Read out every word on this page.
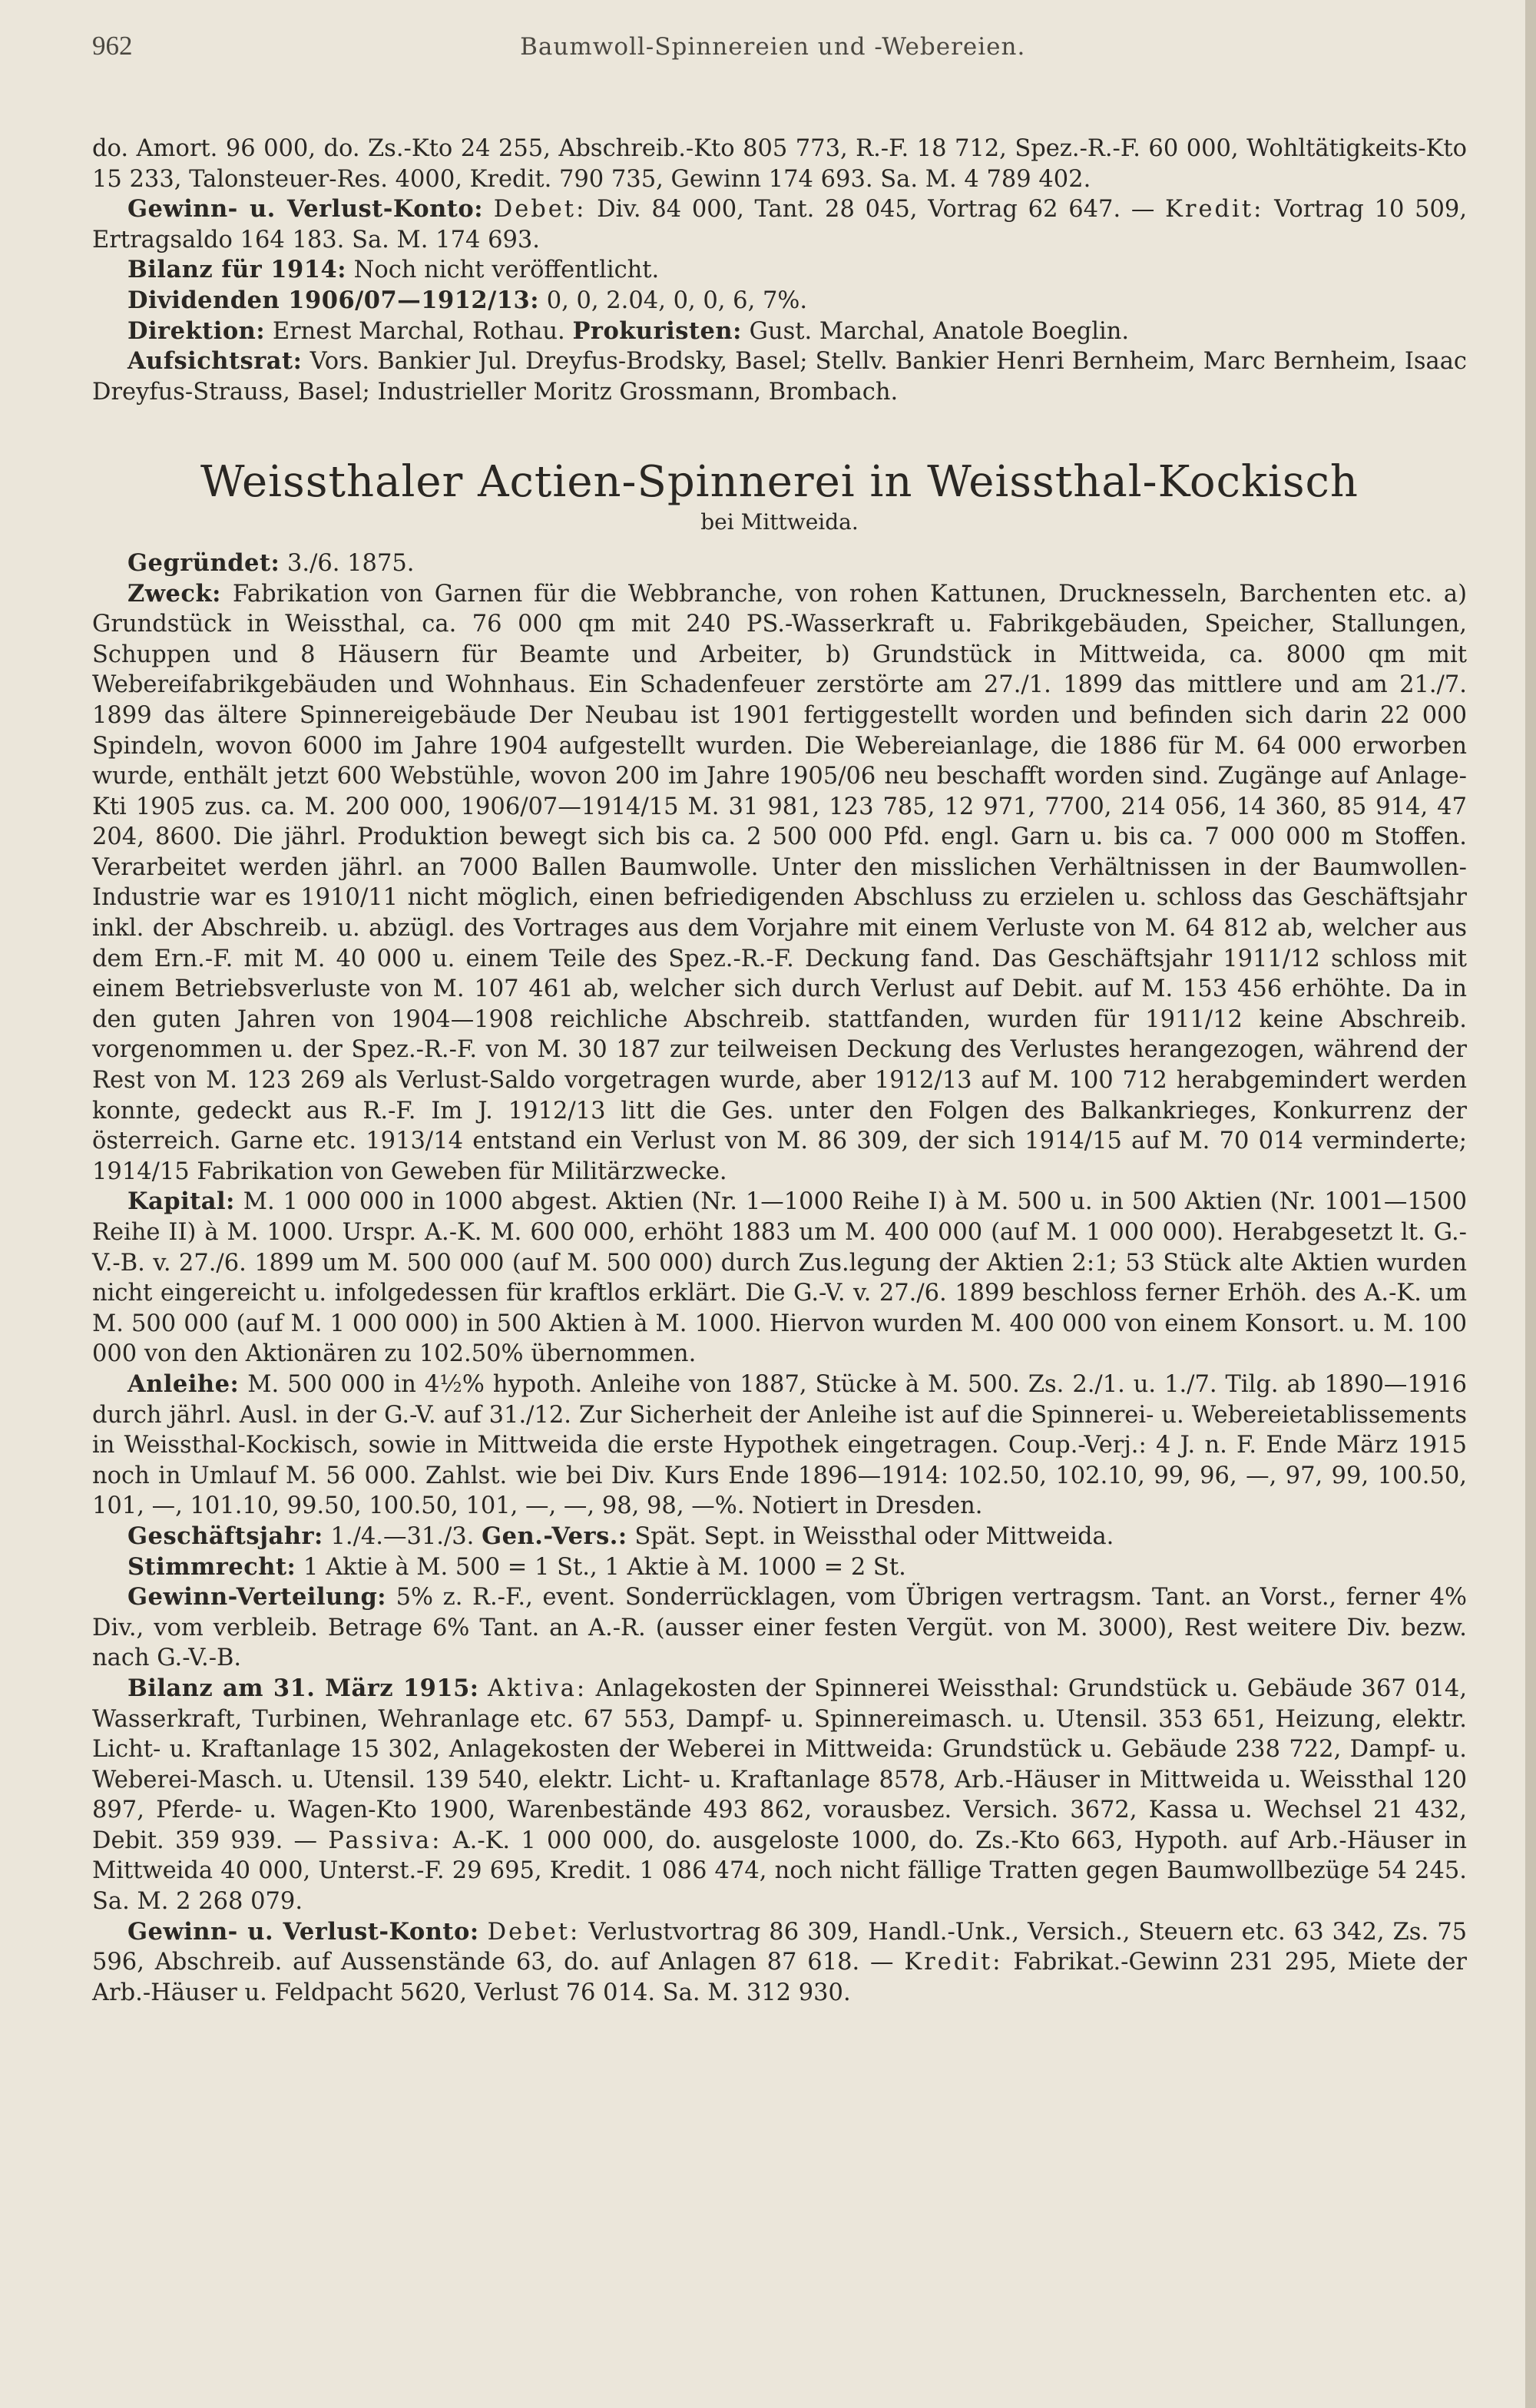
962	Baumwoll-Spinnereien und -Webereien.

do. Amort. 96 000, do. Zs.-Kto 24 255, Abschreib.-Kto 805 773, R.-F. 18 712, Spez.-R.-F. 60 000, Wohltätigkeits-Kto 15 233, Talonsteuer-Res. 4000, Kredit. 790 735, Gewinn 174 693. Sa. M. 4 789 402.

Gewinn- u. Verlust-Konto: Debet: Div. 84 000, Tant. 28 045, Vortrag 62 647. — Kredit: Vortrag 10 509, Ertragsaldo 164 183. Sa. M. 174 693.

Bilanz für 1914: Noch nicht veröffentlicht.

Dividenden 1906/07—1912/13: 0, 0, 2.04, 0, 0, 6, 7%.

Direktion: Ernest Marchal, Rothau. Prokuristen: Gust. Marchal, Anatole Boeglin.

Aufsichtsrat: Vors. Bankier Jul. Dreyfus-Brodsky, Basel; Stellv. Bankier Henri Bernheim, Marc Bernheim, Isaac Dreyfus-Strauss, Basel; Industrieller Moritz Grossmann, Brombach.

Weissthaler Actien-Spinnerei in Weissthal-Kockisch
bei Mittweida.

Gegründet: 3./6. 1875.

Zweck: Fabrikation von Garnen für die Webbranche, von rohen Kattunen, Drucknesseln, Barchenten etc. a) Grundstück in Weissthal, ca. 76 000 qm mit 240 PS.-Wasserkraft u. Fabrikgebäuden, Speicher, Stallungen, Schuppen und 8 Häusern für Beamte und Arbeiter, b) Grundstück in Mittweida, ca. 8000 qm mit Webereifabrikgebäuden und Wohnhaus. Ein Schadenfeuer zerstörte am 27./1. 1899 das mittlere und am 21./7. 1899 das ältere Spinnereigebäude Der Neubau ist 1901 fertiggestellt worden und befinden sich darin 22 000 Spindeln, wovon 6000 im Jahre 1904 aufgestellt wurden. Die Webereianlage, die 1886 für M. 64 000 erworben wurde, enthält jetzt 600 Webstühle, wovon 200 im Jahre 1905/06 neu beschafft worden sind. Zugänge auf Anlage-Kti 1905 zus. ca. M. 200 000, 1906/07—1914/15 M. 31 981, 123 785, 12 971, 7700, 214 056, 14 360, 85 914, 47 204, 8600. Die jährl. Produktion bewegt sich bis ca. 2 500 000 Pfd. engl. Garn u. bis ca. 7 000 000 m Stoffen. Verarbeitet werden jährl. an 7000 Ballen Baumwolle. Unter den misslichen Verhältnissen in der Baumwollen-Industrie war es 1910/11 nicht möglich, einen befriedigenden Abschluss zu erzielen u. schloss das Geschäftsjahr inkl. der Abschreib. u. abzügl. des Vortrages aus dem Vorjahre mit einem Verluste von M. 64 812 ab, welcher aus dem Ern.-F. mit M. 40 000 u. einem Teile des Spez.-R.-F. Deckung fand. Das Geschäftsjahr 1911/12 schloss mit einem Betriebsverluste von M. 107 461 ab, welcher sich durch Verlust auf Debit. auf M. 153 456 erhöhte. Da in den guten Jahren von 1904—1908 reichliche Abschreib. stattfanden, wurden für 1911/12 keine Abschreib. vorgenommen u. der Spez.-R.-F. von M. 30 187 zur teilweisen Deckung des Verlustes herangezogen, während der Rest von M. 123 269 als Verlust-Saldo vorgetragen wurde, aber 1912/13 auf M. 100 712 herabgemindert werden konnte, gedeckt aus R.-F. Im J. 1912/13 litt die Ges. unter den Folgen des Balkankrieges, Konkurrenz der österreich. Garne etc. 1913/14 entstand ein Verlust von M. 86 309, der sich 1914/15 auf M. 70 014 verminderte; 1914/15 Fabrikation von Geweben für Militärzwecke.

Kapital: M. 1 000 000 in 1000 abgest. Aktien (Nr. 1—1000 Reihe I) à M. 500 u. in 500 Aktien (Nr. 1001—1500 Reihe II) à M. 1000. Urspr. A.-K. M. 600 000, erhöht 1883 um M. 400 000 (auf M. 1 000 000). Herabgesetzt lt. G.-V.-B. v. 27./6. 1899 um M. 500 000 (auf M. 500 000) durch Zus.legung der Aktien 2:1; 53 Stück alte Aktien wurden nicht eingereicht u. infolgedessen für kraftlos erklärt. Die G.-V. v. 27./6. 1899 beschloss ferner Erhöh. des A.-K. um M. 500 000 (auf M. 1 000 000) in 500 Aktien à M. 1000. Hiervon wurden M. 400 000 von einem Konsort. u. M. 100 000 von den Aktionären zu 102.50% übernommen.

Anleihe: M. 500 000 in 4½% hypoth. Anleihe von 1887, Stücke à M. 500. Zs. 2./1. u. 1./7. Tilg. ab 1890—1916 durch jährl. Ausl. in der G.-V. auf 31./12. Zur Sicherheit der Anleihe ist auf die Spinnerei- u. Webereietablissements in Weissthal-Kockisch, sowie in Mittweida die erste Hypothek eingetragen. Coup.-Verj.: 4 J. n. F. Ende März 1915 noch in Umlauf M. 56 000. Zahlst. wie bei Div. Kurs Ende 1896—1914: 102.50, 102.10, 99, 96, —, 97, 99, 100.50, 101, —, 101.10, 99.50, 100.50, 101, —, —, 98, 98, —%. Notiert in Dresden.

Geschäftsjahr: 1./4.—31./3. Gen.-Vers.: Spät. Sept. in Weissthal oder Mittweida.

Stimmrecht: 1 Aktie à M. 500 = 1 St., 1 Aktie à M. 1000 = 2 St.

Gewinn-Verteilung: 5% z. R.-F., event. Sonderrücklagen, vom Übrigen vertragsm. Tant. an Vorst., ferner 4% Div., vom verbleib. Betrage 6% Tant. an A.-R. (ausser einer festen Vergüt. von M. 3000), Rest weitere Div. bezw. nach G.-V.-B.

Bilanz am 31. März 1915: Aktiva: Anlagekosten der Spinnerei Weissthal: Grundstück u. Gebäude 367 014, Wasserkraft, Turbinen, Wehranlage etc. 67 553, Dampf- u. Spinnereimasch. u. Utensil. 353 651, Heizung, elektr. Licht- u. Kraftanlage 15 302, Anlagekosten der Weberei in Mittweida: Grundstück u. Gebäude 238 722, Dampf- u. Weberei-Masch. u. Utensil. 139 540, elektr. Licht- u. Kraftanlage 8578, Arb.-Häuser in Mittweida u. Weissthal 120 897, Pferde- u. Wagen-Kto 1900, Warenbestände 493 862, vorausbez. Versich. 3672, Kassa u. Wechsel 21 432, Debit. 359 939. — Passiva: A.-K. 1 000 000, do. ausgeloste 1000, do. Zs.-Kto 663, Hypoth. auf Arb.-Häuser in Mittweida 40 000, Unterst.-F. 29 695, Kredit. 1 086 474, noch nicht fällige Tratten gegen Baumwollbezüge 54 245. Sa. M. 2 268 079.

Gewinn- u. Verlust-Konto: Debet: Verlustvortrag 86 309, Handl.-Unk., Versich., Steuern etc. 63 342, Zs. 75 596, Abschreib. auf Aussenstände 63, do. auf Anlagen 87 618. — Kredit: Fabrikat.-Gewinn 231 295, Miete der Arb.-Häuser u. Feldpacht 5620, Verlust 76 014. Sa. M. 312 930.
